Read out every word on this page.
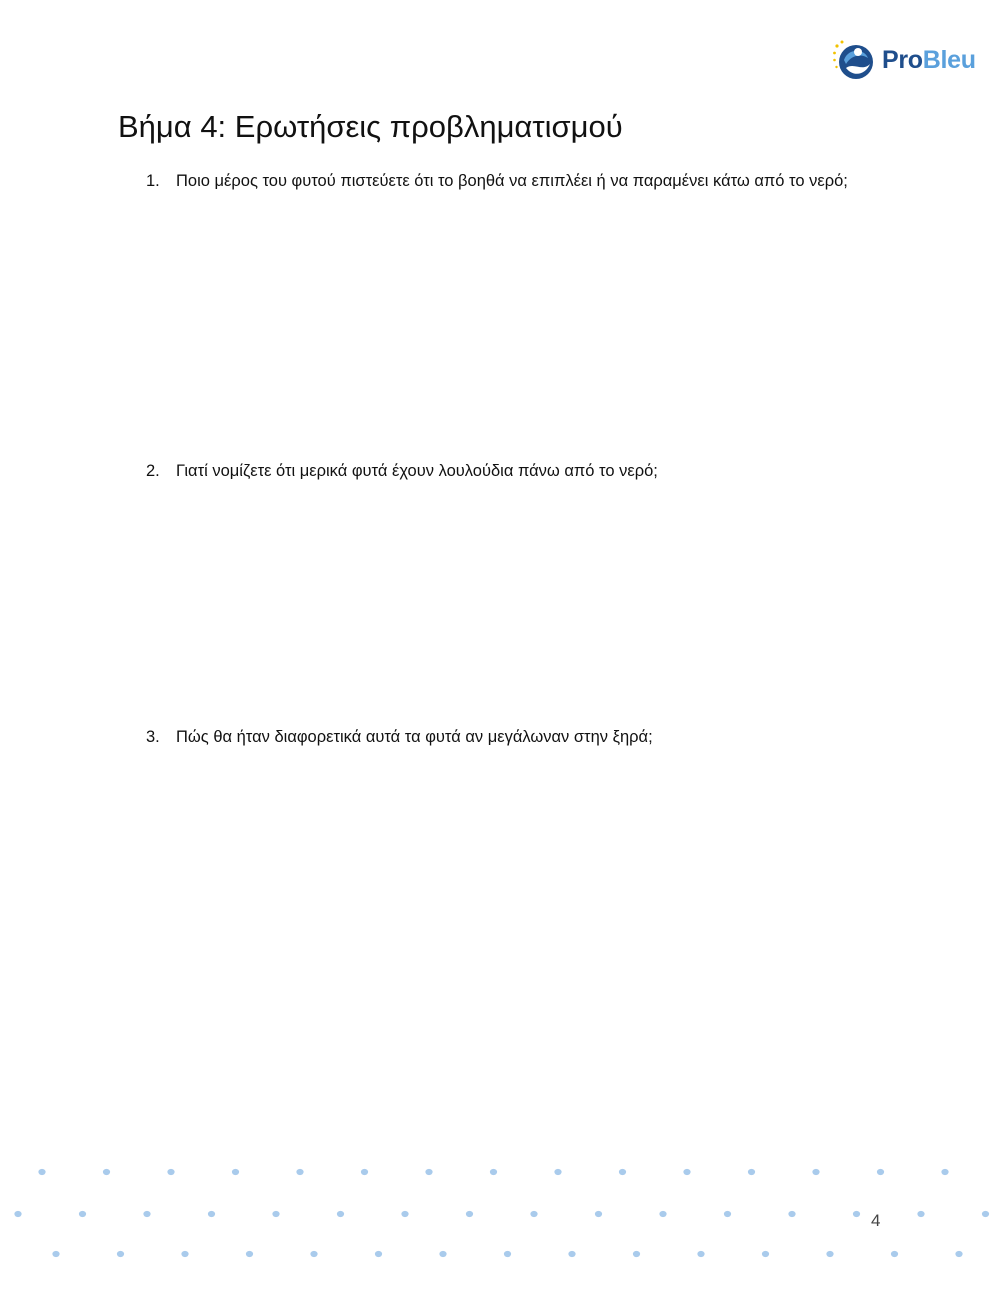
ProBleu
Βήμα 4: Ερωτήσεις προβληματισμού
1. Ποιο μέρος του φυτού πιστεύετε ότι το βοηθά να επιπλέει ή να παραμένει κάτω από το νερό;
2. Γιατί νομίζετε ότι μερικά φυτά έχουν λουλούδια πάνω από το νερό;
3. Πώς θα ήταν διαφορετικά αυτά τα φυτά αν μεγάλωναν στην ξηρά;
4
